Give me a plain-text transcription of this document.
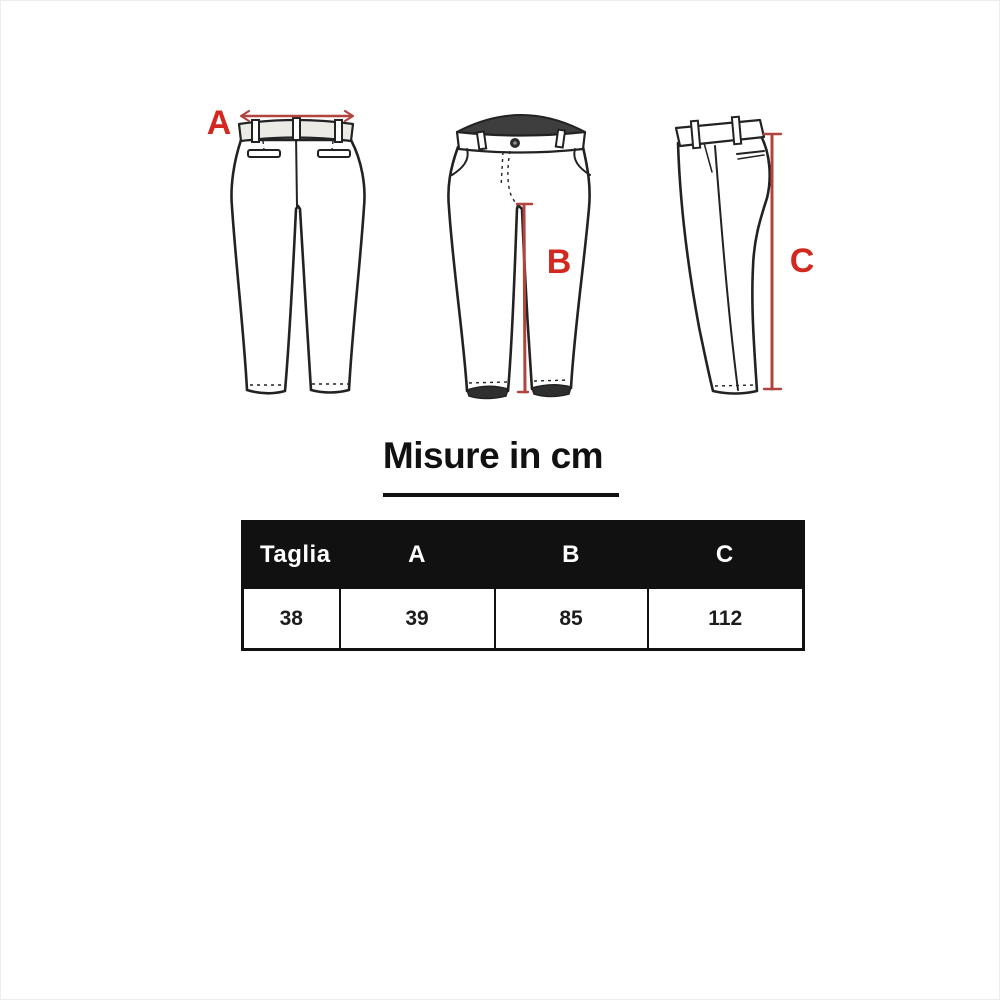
A
B	C
Misure in cm
Taglia	A	B	C
38	39	85	112
